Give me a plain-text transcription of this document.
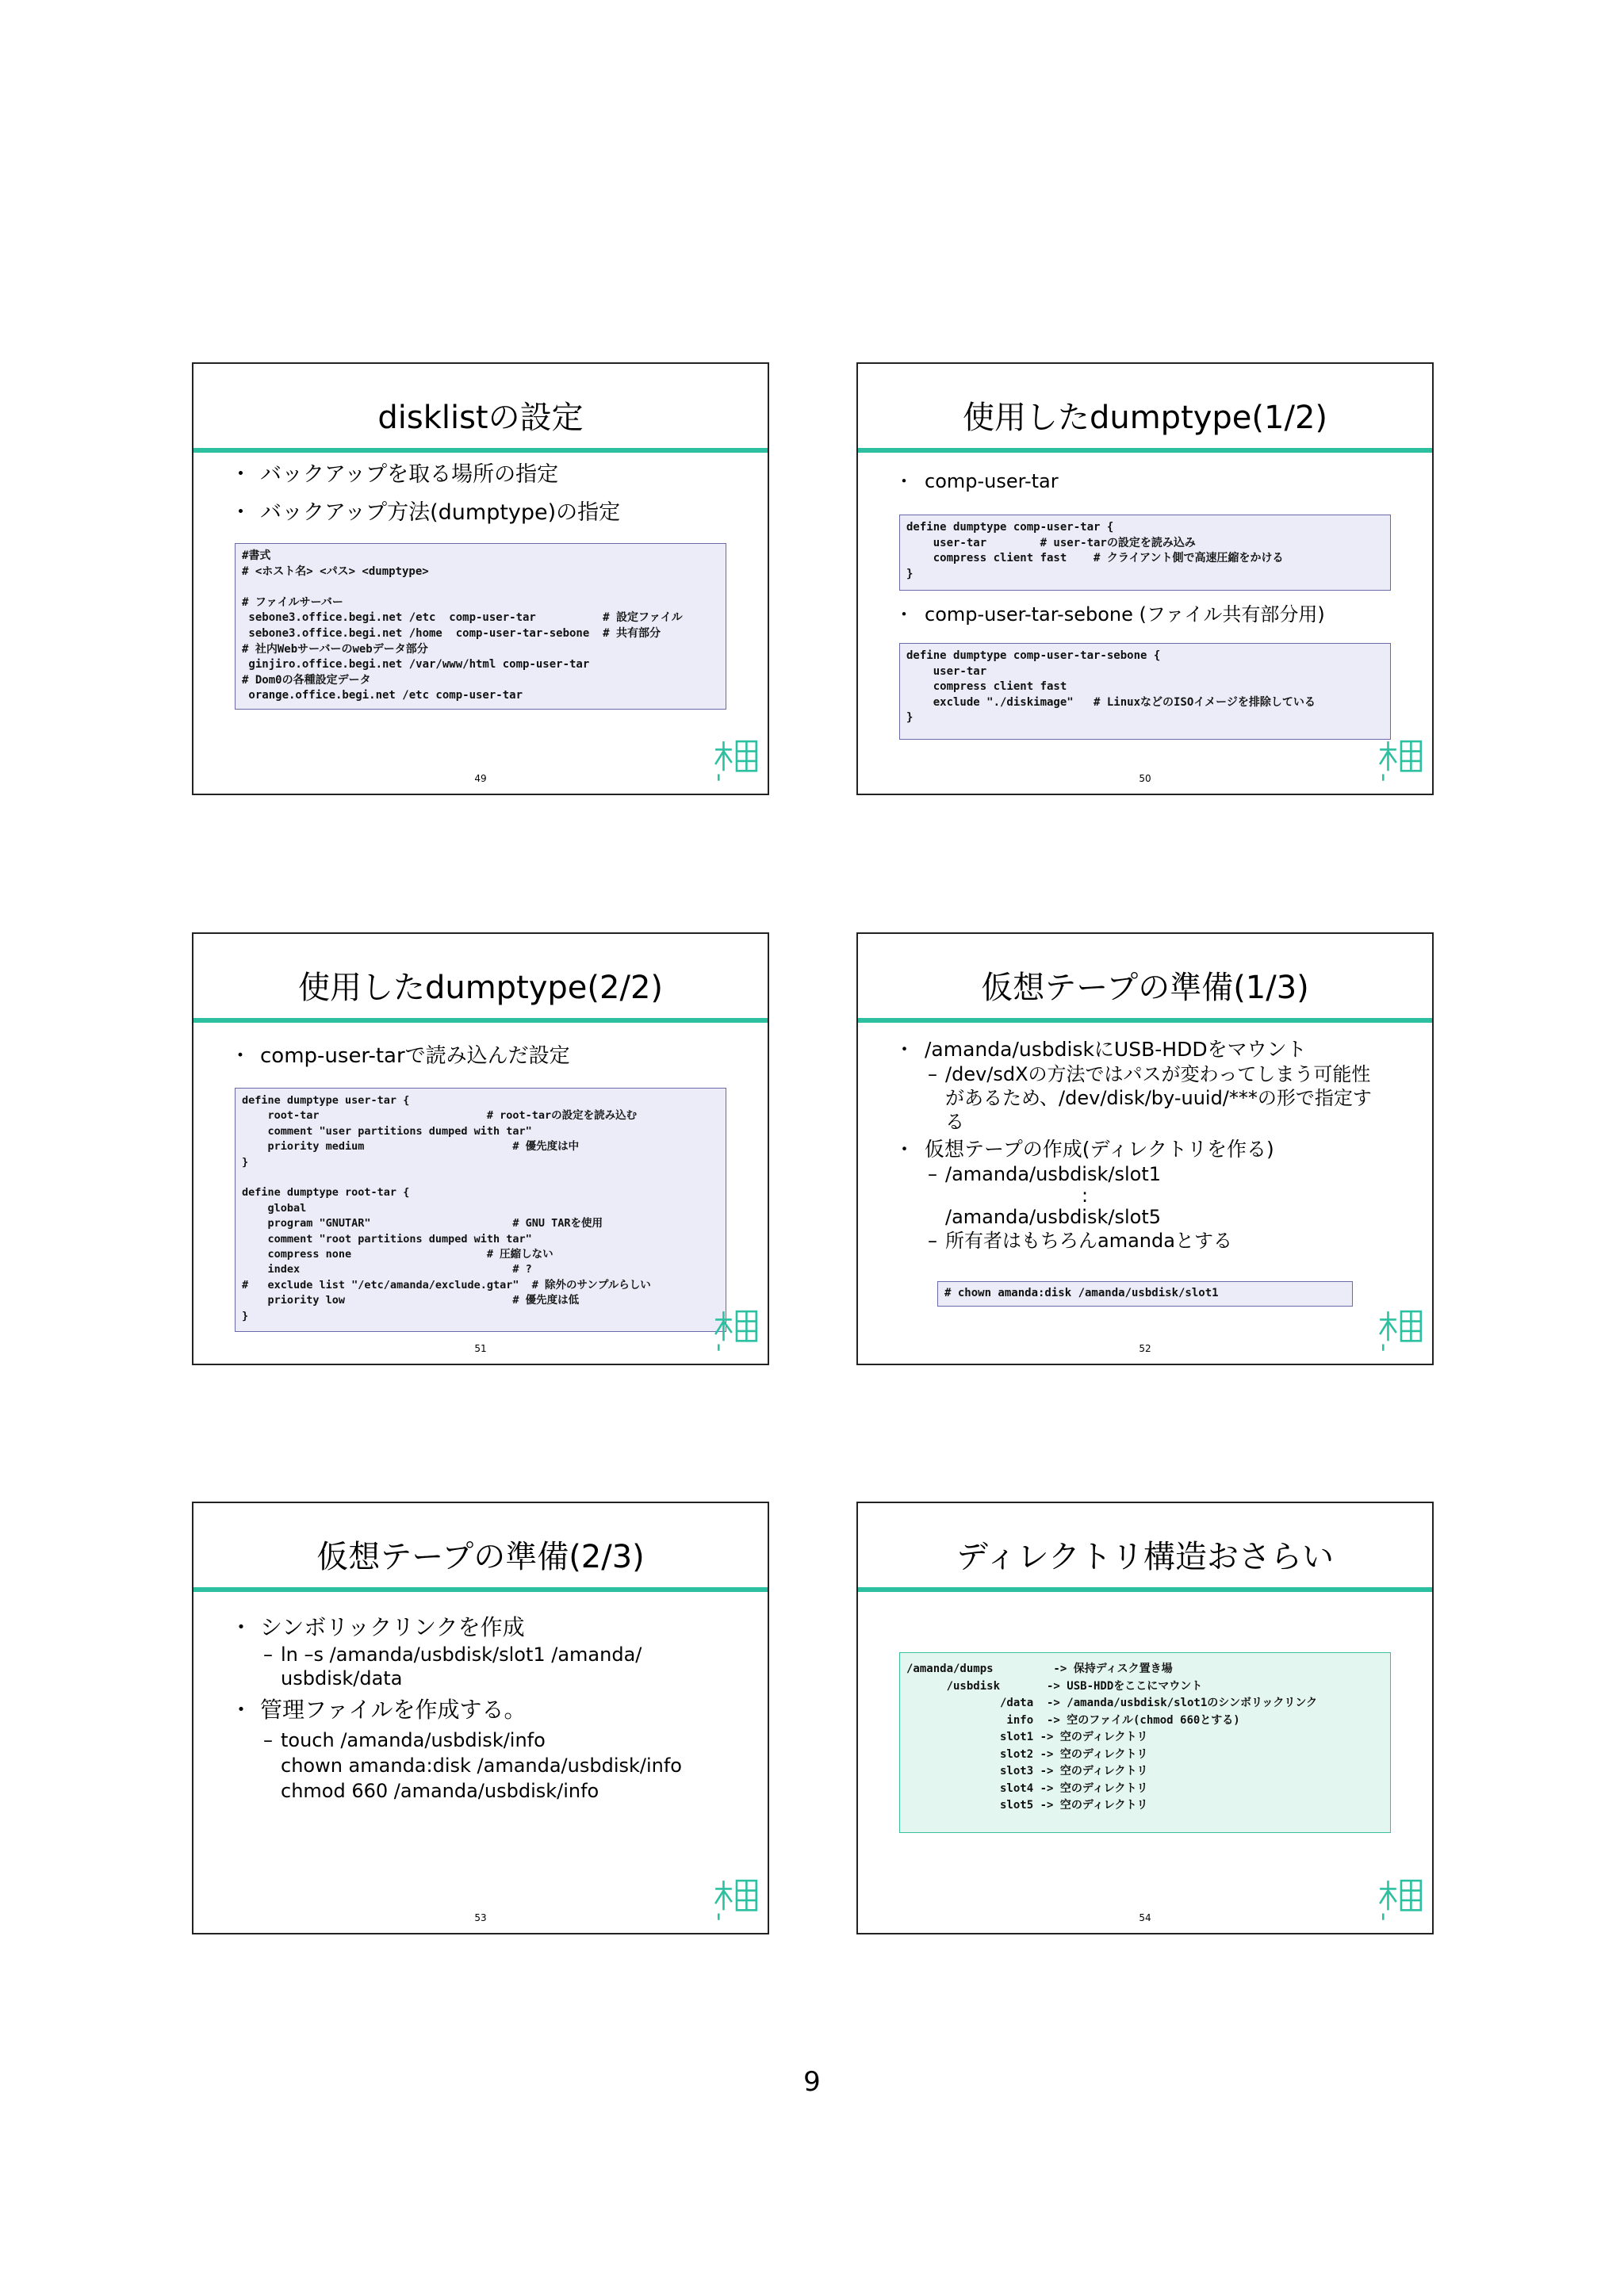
disklistの設定
・ バックアップを取る場所の指定
・ バックアップ方法(dumptype)の指定
#書式
# <ホスト名> <パス> <dumptype>

# ファイルサーバー
sebone3.office.begi.net /etc  comp-user-tar          # 設定ファイル
sebone3.office.begi.net /home  comp-user-tar-sebone  # 共有部分
# 社内Webサーバーのwebデータ部分
ginjiro.office.begi.net /var/www/html comp-user-tar
# Dom0の各種設定データ
orange.office.begi.net /etc comp-user-tar
49
使用したdumptype(1/2)
・ comp-user-tar
define dumptype comp-user-tar {
user-tar        # user-tarの設定を読み込み
compress client fast    # クライアント側で高速圧縮をかける
}
・ comp-user-tar-sebone (ファイル共有部分用)
define dumptype comp-user-tar-sebone {
user-tar
compress client fast
exclude "./diskimage"   # LinuxなどのISOイメージを排除している
}
50
使用したdumptype(2/2)
・ comp-user-tarで読み込んだ設定
define dumptype user-tar {
root-tar                          # root-tarの設定を読み込む
comment "user partitions dumped with tar"
priority medium                       # 優先度は中
}

define dumptype root-tar {
global
program "GNUTAR"                      # GNU TARを使用
comment "root partitions dumped with tar"
compress none                     # 圧縮しない
index                                 # ?
#   exclude list "/etc/amanda/exclude.gtar"  # 除外のサンプルらしい
priority low                          # 優先度は低
}
51
仮想テープの準備(1/3)
・ /amanda/usbdiskにUSB-HDDをマウント
– /dev/sdXの方法ではパスが変わってしまう可能性があるため、/dev/disk/by-uuid/***の形で指定する
・ 仮想テープの作成(ディレクトリを作る)
– /amanda/usbdisk/slot1
:
/amanda/usbdisk/slot5
– 所有者はもちろんamandaとする
# chown amanda:disk /amanda/usbdisk/slot1
52
仮想テープの準備(2/3)
・ シンボリックリンクを作成
– ln –s /amanda/usbdisk/slot1 /amanda/
usbdisk/data
・ 管理ファイルを作成する。
– touch /amanda/usbdisk/info
chown amanda:disk /amanda/usbdisk/info
chmod 660 /amanda/usbdisk/info
53
ディレクトリ構造おさらい
/amanda/dumps         -> 保持ディスク置き場
/usbdisk       -> USB-HDDをここにマウント
/data  -> /amanda/usbdisk/slot1のシンボリックリンク
info  -> 空のファイル(chmod 660とする)
slot1 -> 空のディレクトリ
slot2 -> 空のディレクトリ
slot3 -> 空のディレクトリ
slot4 -> 空のディレクトリ
slot5 -> 空のディレクトリ
54
9
